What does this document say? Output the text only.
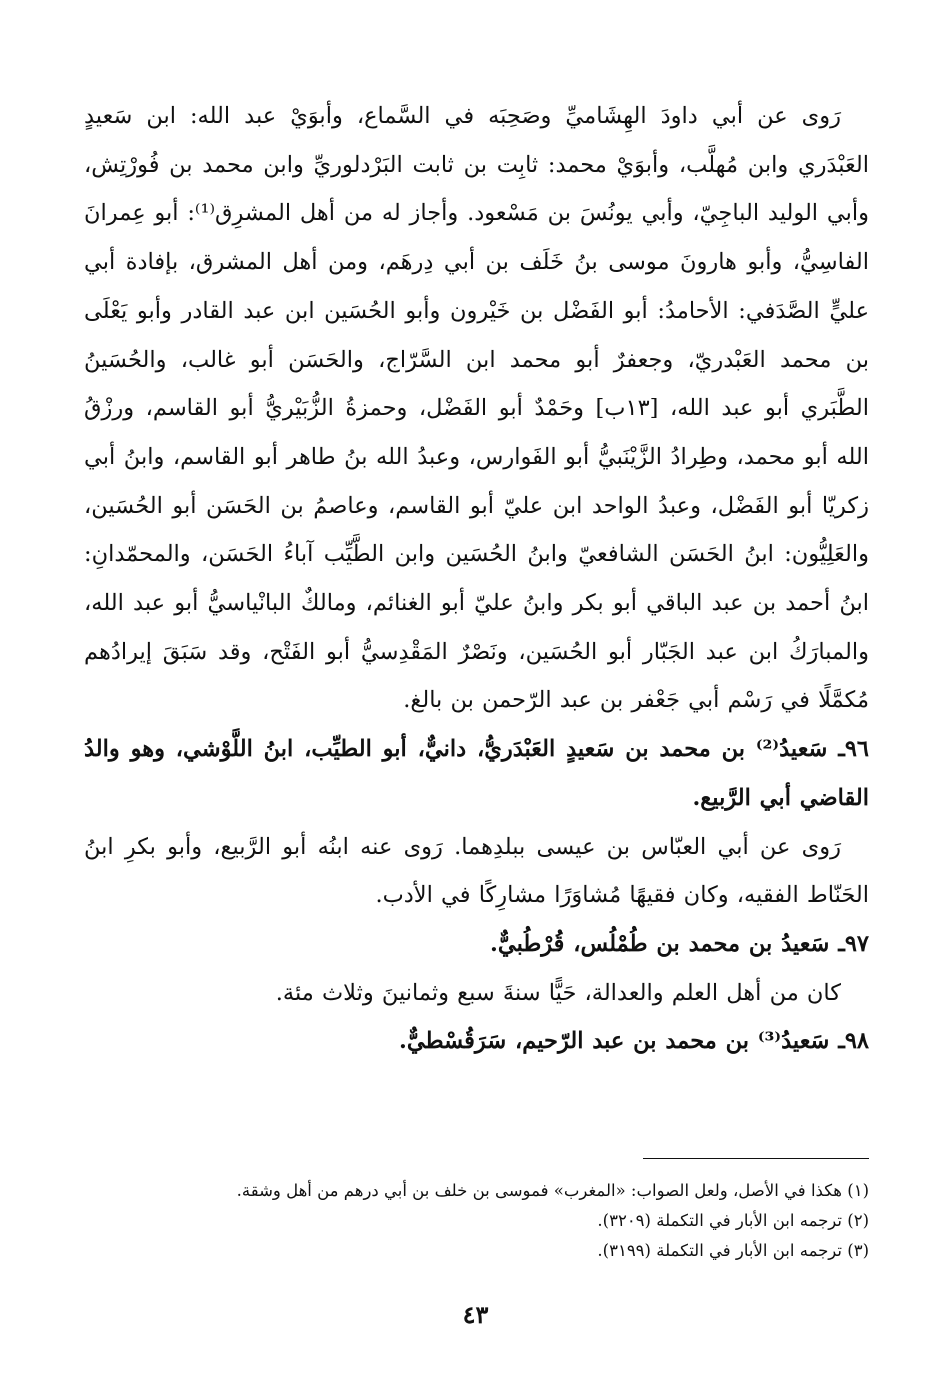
رَوى عن أبي داودَ الهِشَاميِّ وصَحِبَه في السَّماع، وأبوَيْ عبد الله: ابن سَعيدٍ العَبْدَري وابن مُهلَّب، وأبوَيْ محمد: ثابِت بن ثابت البَرْدلوريِّ وابن محمد بن فُورْتِش، وأبي الوليد الباجِيّ، وأبي يونُسَ بن مَسْعود. وأجاز له من أهل المشرِق⁽¹⁾: أبو عِمرانَ الفاسِيُّ، وأبو هارونَ موسى بنُ خَلَف بن أبي دِرهَم، ومن أهل المشرق، بإفادة أبي عليٍّ الصَّدَفي: الأحامدُ: أبو الفَضْل بن خَيْرون وأبو الحُسَين ابن عبد القادر وأبو يَعْلَى بن محمد العَبْدريّ، وجعفرٌ أبو محمد ابن السَّرّاج، والحَسَن أبو غالب، والحُسَينُ الطَّبَري أبو عبد الله، [١٣ب] وحَمْدٌ أبو الفَضْل، وحمزةُ الزُّبَيْريُّ أبو القاسم، ورزْقُ الله أبو محمد، وطِرادُ الزَّيْنَبيُّ أبو الفَوارس، وعبدُ الله بنُ طاهر أبو القاسم، وابنُ أبي زكريّا أبو الفَضْل، وعبدُ الواحد ابن عليّ أبو القاسم، وعاصمُ بن الحَسَن أبو الحُسَين، والعَلِيُّون: ابنُ الحَسَن الشافعيّ وابنُ الحُسَين وابن الطَّيِّب آباءُ الحَسَن، والمحمّدانِ: ابنُ أحمد بن عبد الباقي أبو بكر وابنُ عليّ أبو الغنائم، ومالكٌ البانْياسيُّ أبو عبد الله، والمبارَكُ ابن عبد الجَبّار أبو الحُسَين، ونَصْرٌ المَقْدِسيُّ أبو الفَتْح، وقد سَبَقَ إيرادُهم مُكمَّلًا في رَسْم أبي جَعْفر بن عبد الرّحمن بن بالغ.

٩٦ـ سَعيدُ⁽²⁾ بن محمد بن سَعيدٍ العَبْدَريُّ، دانيٌّ، أبو الطيِّب، ابنُ اللَّوْشي، وهو والدُ القاضي أبي الرَّبيع.

رَوى عن أبي العبّاس بن عيسى ببلدِهما. رَوى عنه ابنُه أبو الرَّبيع، وأبو بكرِ ابنُ الحَنّاط الفقيه، وكان فقيهًا مُشاوَرًا مشارِكًا في الأدب.

٩٧ـ سَعيدُ بن محمد بن طُمْلُس، قُرْطُبيٌّ.

كان من أهل العلم والعدالة، حَيًّا سنةَ سبع وثمانينَ وثلاث مئة.

٩٨ـ سَعيدُ⁽³⁾ بن محمد بن عبد الرّحيم، سَرَقُسْطيٌّ.

(١) هكذا في الأصل، ولعل الصواب: «المغرب» فموسى بن خلف بن أبي درهم من أهل وشقة.

(٢) ترجمه ابن الأبار في التكملة (٣٢٠٩).

(٣) ترجمه ابن الأبار في التكملة (٣١٩٩).

٤٣
